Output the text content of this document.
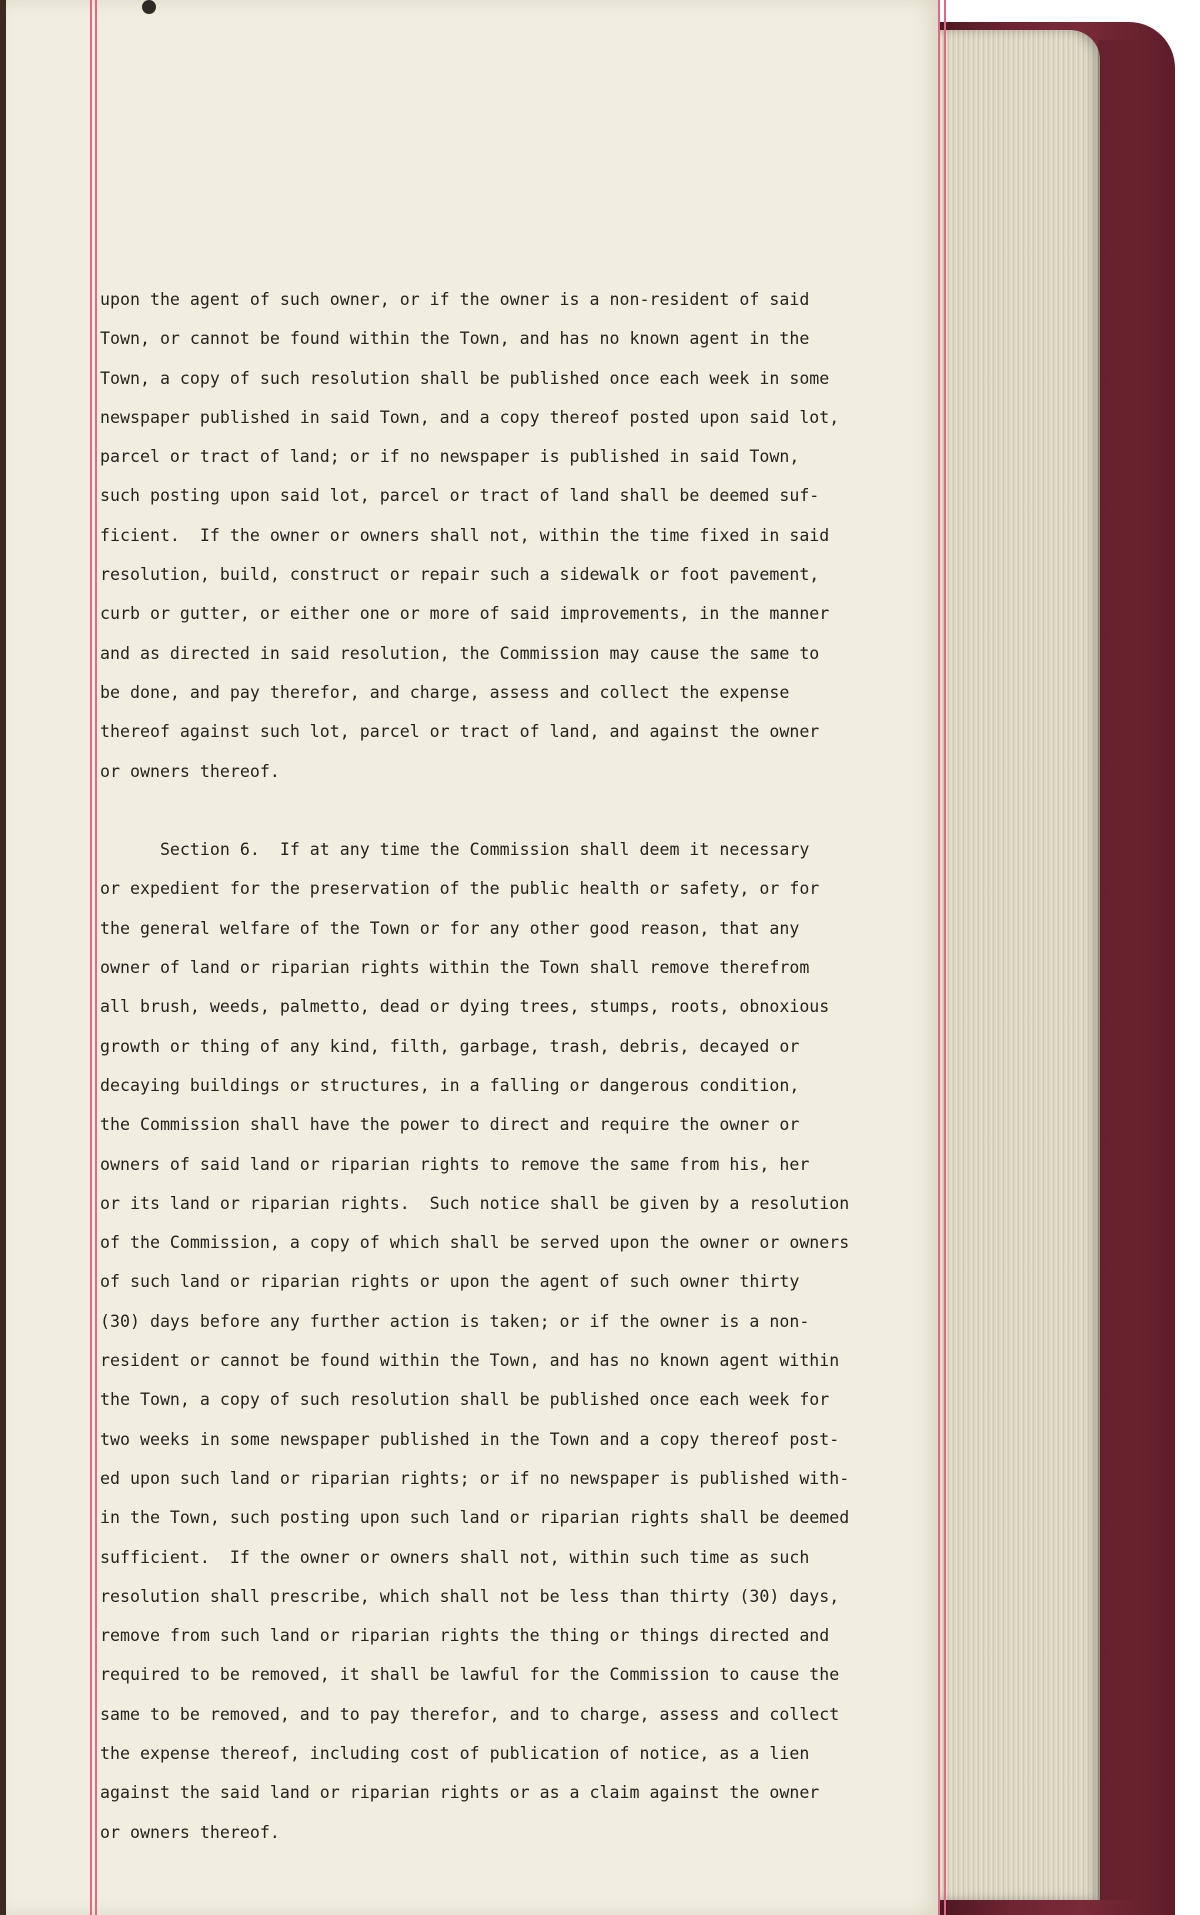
upon the agent of such owner, or if the owner is a non-resident of said
Town, or cannot be found within the Town, and has no known agent in the
Town, a copy of such resolution shall be published once each week in some
newspaper published in said Town, and a copy thereof posted upon said lot,
parcel or tract of land; or if no newspaper is published in said Town,
such posting upon said lot, parcel or tract of land shall be deemed suf-
ficient.  If the owner or owners shall not, within the time fixed in said
resolution, build, construct or repair such a sidewalk or foot pavement,
curb or gutter, or either one or more of said improvements, in the manner
and as directed in said resolution, the Commission may cause the same to
be done, and pay therefor, and charge, assess and collect the expense
thereof against such lot, parcel or tract of land, and against the owner
or owners thereof.
Section 6.  If at any time the Commission shall deem it necessary
or expedient for the preservation of the public health or safety, or for
the general welfare of the Town or for any other good reason, that any
owner of land or riparian rights within the Town shall remove therefrom
all brush, weeds, palmetto, dead or dying trees, stumps, roots, obnoxious
growth or thing of any kind, filth, garbage, trash, debris, decayed or
decaying buildings or structures, in a falling or dangerous condition,
the Commission shall have the power to direct and require the owner or
owners of said land or riparian rights to remove the same from his, her
or its land or riparian rights.  Such notice shall be given by a resolution
of the Commission, a copy of which shall be served upon the owner or owners
of such land or riparian rights or upon the agent of such owner thirty
(30) days before any further action is taken; or if the owner is a non-
resident or cannot be found within the Town, and has no known agent within
the Town, a copy of such resolution shall be published once each week for
two weeks in some newspaper published in the Town and a copy thereof post-
ed upon such land or riparian rights; or if no newspaper is published with-
in the Town, such posting upon such land or riparian rights shall be deemed
sufficient.  If the owner or owners shall not, within such time as such
resolution shall prescribe, which shall not be less than thirty (30) days,
remove from such land or riparian rights the thing or things directed and
required to be removed, it shall be lawful for the Commission to cause the
same to be removed, and to pay therefor, and to charge, assess and collect
the expense thereof, including cost of publication of notice, as a lien
against the said land or riparian rights or as a claim against the owner
or owners thereof.
